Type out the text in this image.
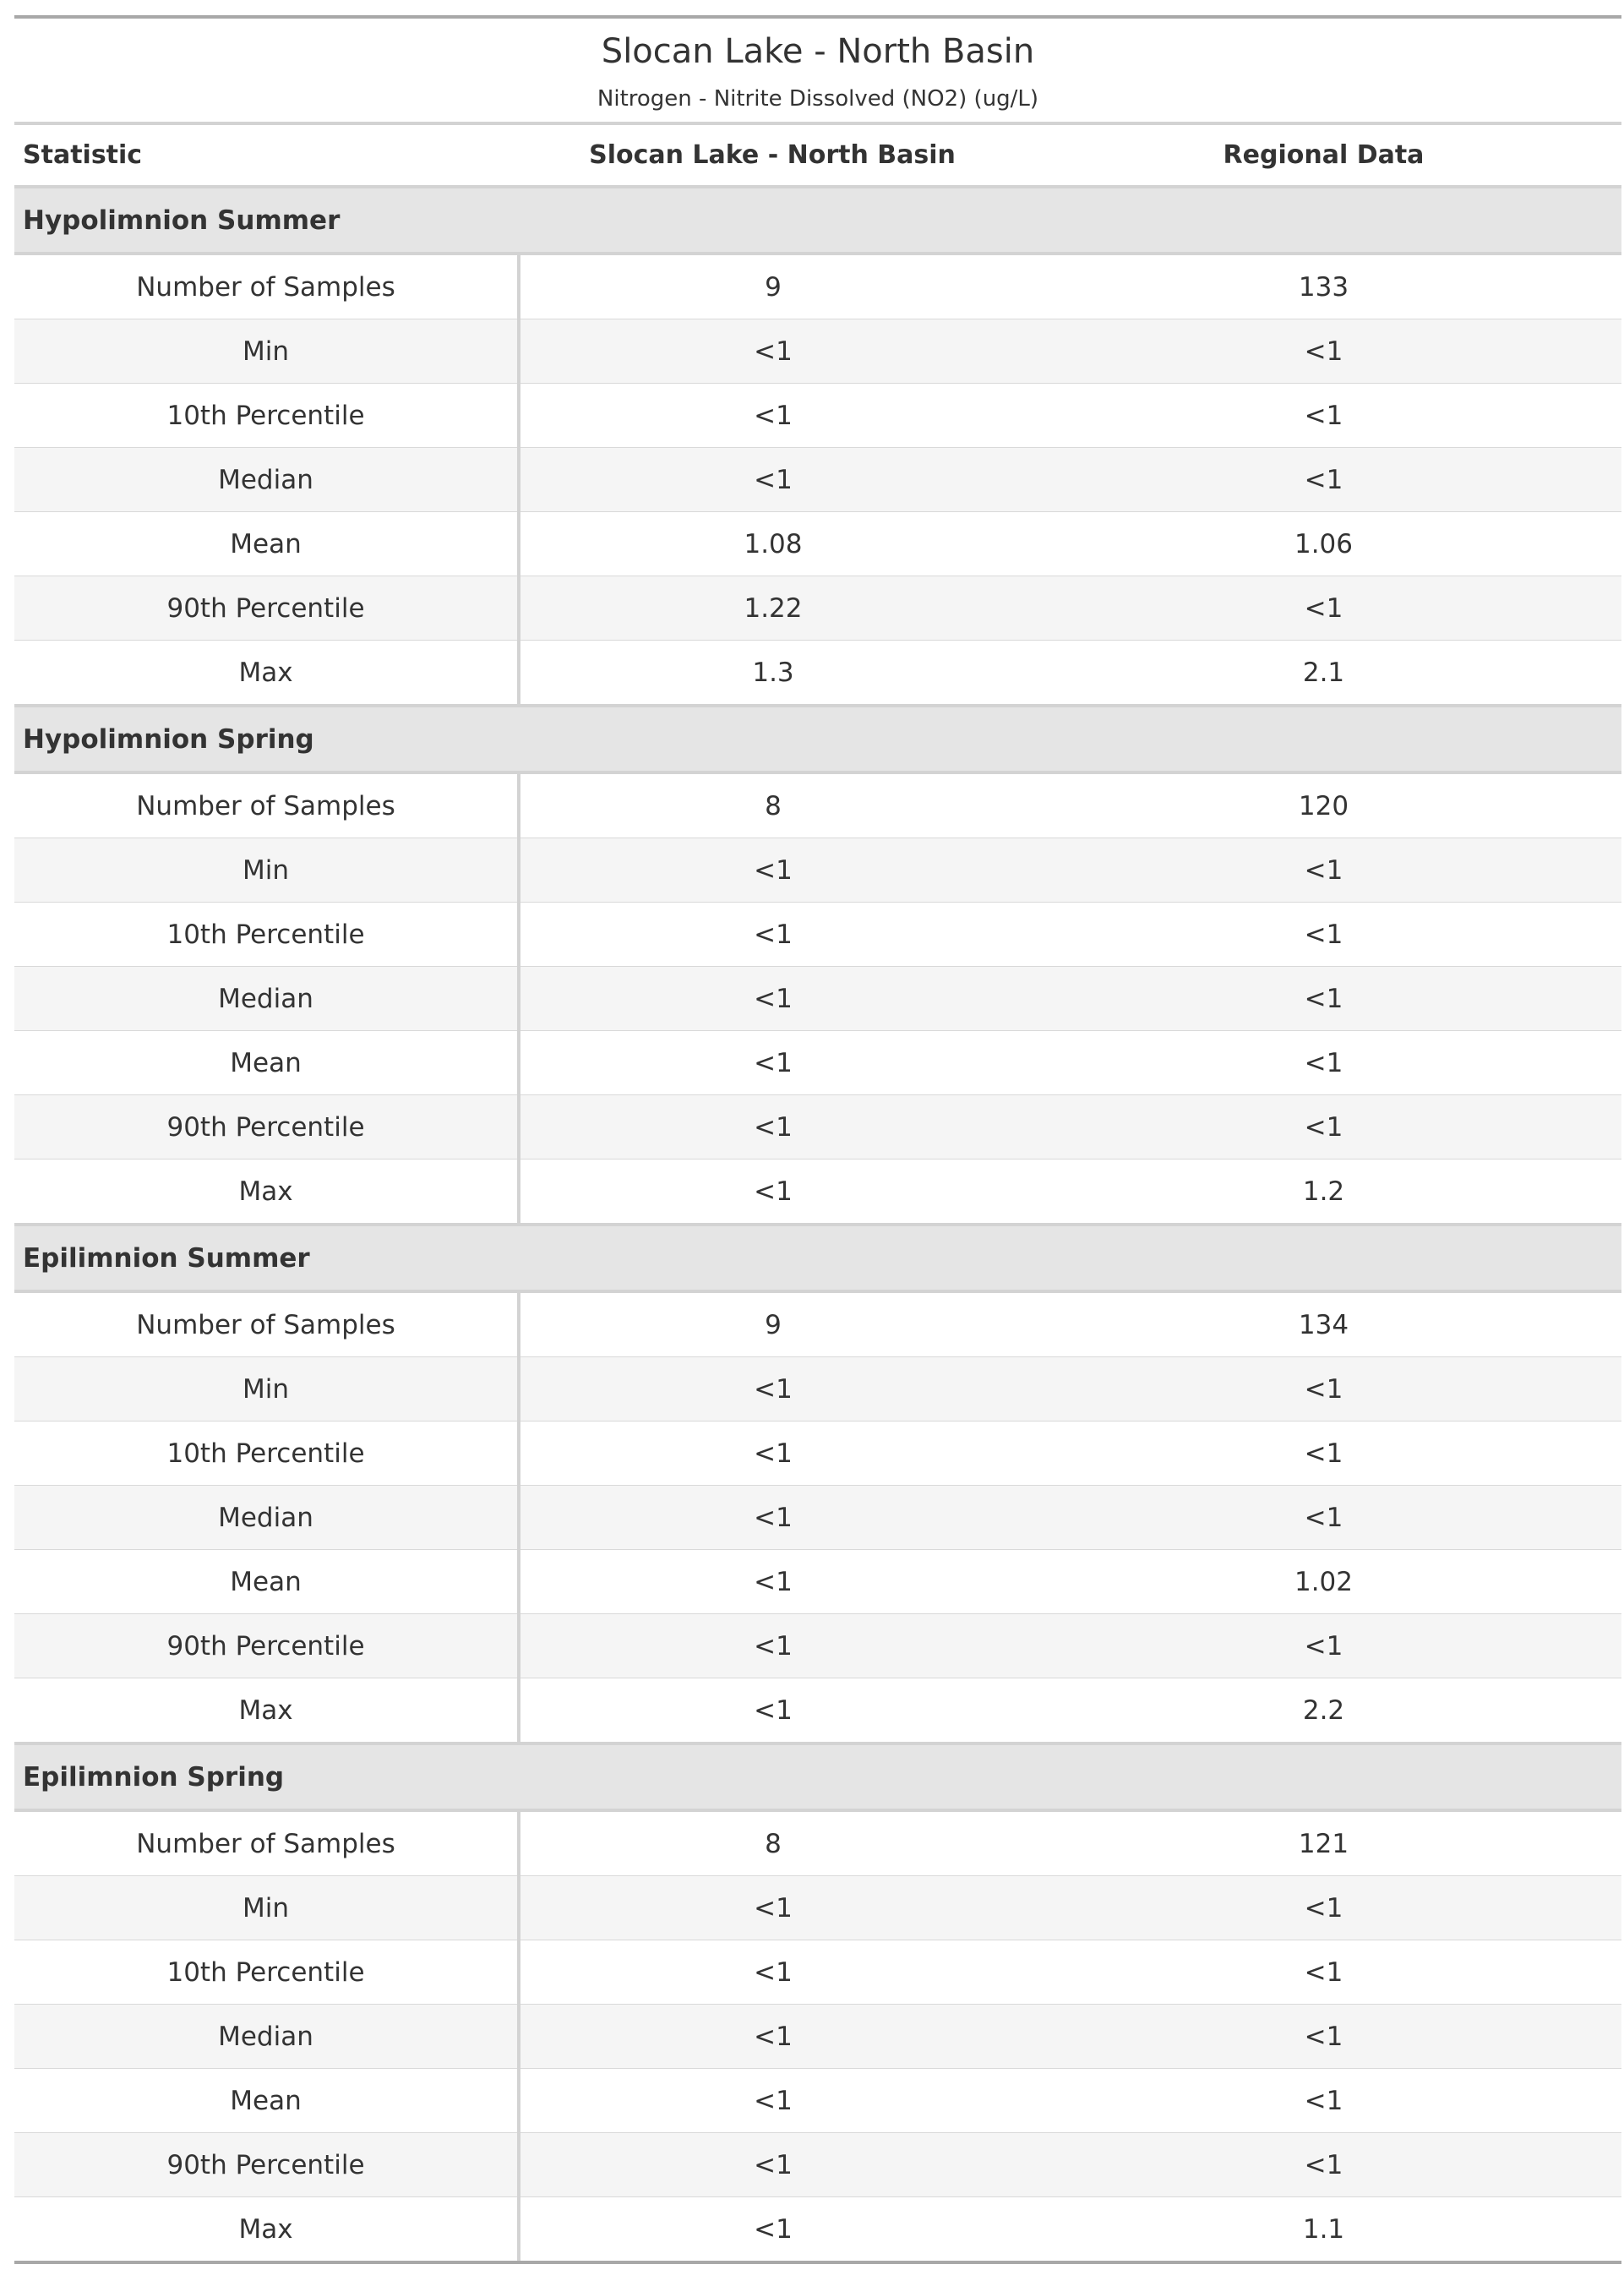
Slocan Lake - North Basin
Nitrogen - Nitrite Dissolved (NO2) (ug/L)
Statistic	Slocan Lake - North Basin	Regional Data
Hypolimnion Summer		
Number of Samples	9	133
Min	<1	<1
10th Percentile	<1	<1
Median	<1	<1
Mean	1.08	1.06
90th Percentile	1.22	<1
Max	1.3	2.1
Hypolimnion Spring		
Number of Samples	8	120
Min	<1	<1
10th Percentile	<1	<1
Median	<1	<1
Mean	<1	<1
90th Percentile	<1	<1
Max	<1	1.2
Epilimnion Summer		
Number of Samples	9	134
Min	<1	<1
10th Percentile	<1	<1
Median	<1	<1
Mean	<1	1.02
90th Percentile	<1	<1
Max	<1	2.2
Epilimnion Spring		
Number of Samples	8	121
Min	<1	<1
10th Percentile	<1	<1
Median	<1	<1
Mean	<1	<1
90th Percentile	<1	<1
Max	<1	1.1
